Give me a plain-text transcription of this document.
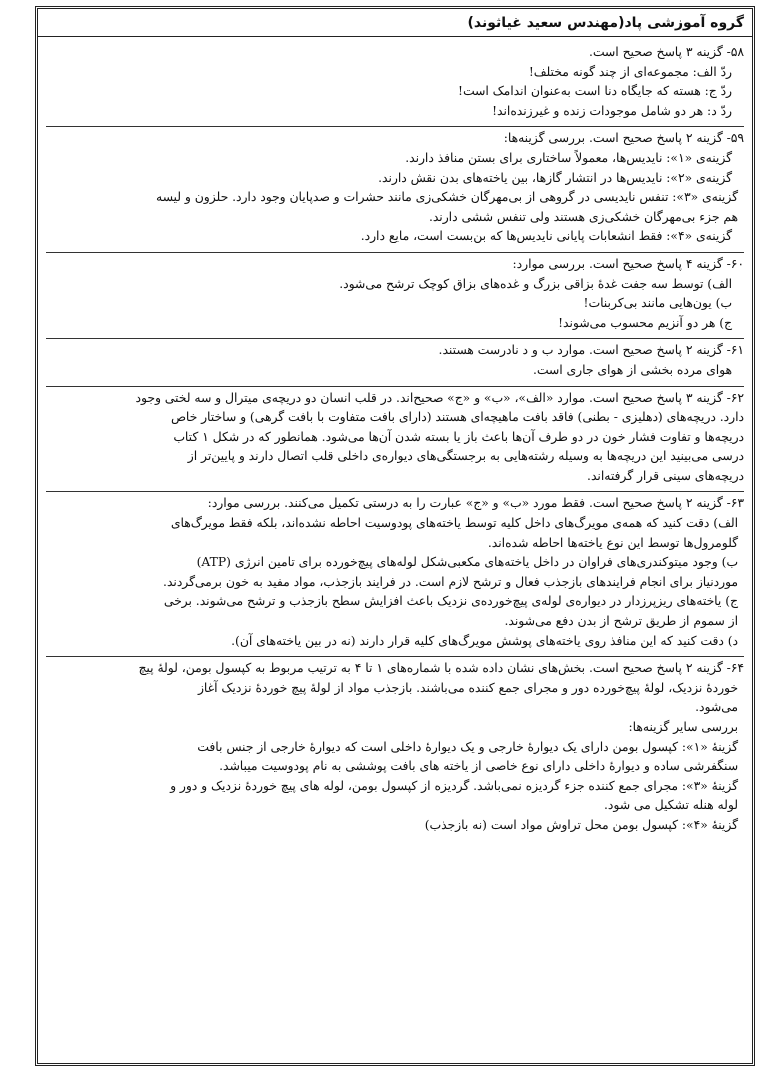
گروه آموزشی پاد(مهندس سعید غیاثوند)
۵۸- گزینه ۳ پاسخ صحیح است.
ردّ الف: مجموعه‌ای از چند گونه مختلف!
ردّ ج: هسته که جایگاه دنا است به‌عنوان اندامک است!
ردّ د: هر دو شامل موجودات زنده و غیرزنده‌اند!
۵۹- گزینه ۲ پاسخ صحیح است. بررسی گزینه‌ها:
گزینه‌ی «۱»: نایدیس‌ها، معمولاً ساختاری برای بستن منافذ دارند.
گزینه‌ی «۲»: نایدیس‌ها در انتشار گازها، بین یاخته‌های بدن نقش دارند.
گزینه‌ی «۳»: تنفس نایدیسی در گروهی از بی‌مهرگان خشکی‌زی مانند حشرات و صدپایان وجود دارد. حلزون و لیسه
هم جزء بی‌مهرگان خشکی‌زی هستند ولی تنفس ششی دارند.
گزینه‌ی «۴»: فقط انشعابات پایانی نایدیس‌ها که بن‌بست است، مایع دارد.
۶۰- گزینه ۴ پاسخ صحیح است. بررسی موارد:
الف) توسط سه جفت غدهٔ بزاقی بزرگ و غده‌های بزاق کوچک ترشح می‌شود.
ب) یون‌هایی مانند بی‌کربنات!
ج) هر دو آنزیم محسوب می‌شوند!
۶۱- گزینه ۲ پاسخ صحیح است. موارد ب و د نادرست هستند.
هوای مرده بخشی از هوای جاری است.
۶۲- گزینه ۳ پاسخ صحیح است. موارد «الف»، «ب» و «ج» صحیح‌اند. در قلب انسان دو دریچه‌ی میترال و سه لختی وجود
دارد. دریچه‌های (دهلیزی - بطنی) فاقد بافت ماهیچه‌ای هستند (دارای بافت متفاوت با بافت گرهی) و ساختار خاص
دریچه‌ها و تفاوت فشار خون در دو طرف آن‌ها باعث باز یا بسته شدن آن‌ها می‌شود. همانطور که در شکل ۱ کتاب
درسی می‌بینید این دریچه‌ها به وسیله رشته‌هایی به برجستگی‌های دیواره‌ی داخلی قلب اتصال دارند و پایین‌تر از
دریچه‌های سینی قرار گرفته‌اند.
۶۳- گزینه ۲ پاسخ صحیح است. فقط مورد «ب» و «ج» عبارت را به درستی تکمیل می‌کنند. بررسی موارد:
الف) دقت کنید که همه‌ی مویرگ‌های داخل کلیه توسط یاخته‌های پودوسیت احاطه نشده‌اند، بلکه فقط مویرگ‌های
گلومرول‌ها توسط این نوع یاخته‌ها احاطه شده‌اند.
ب) وجود میتوکندری‌های فراوان در داخل یاخته‌های مکعبی‌شکل لوله‌های پیچ‌خورده برای تامین انرژی (ATP)
موردنیاز برای انجام فرایندهای بازجذب فعال و ترشح لازم است. در فرایند بازجذب، مواد مفید به خون برمی‌گردند.
ج) یاخته‌های ریزپرزدار در دیواره‌ی لوله‌ی پیچ‌خورده‌ی نزدیک باعث افزایش سطح بازجذب و ترشح می‌شوند. برخی
از سموم از طریق ترشح از بدن دفع می‌شوند.
د) دقت کنید که این منافذ روی یاخته‌های پوشش مویرگ‌های کلیه قرار دارند (نه در بین یاخته‌های آن).
۶۴- گزینه ۲ پاسخ صحیح است. بخش‌های نشان داده شده با شماره‌های ۱ تا ۴ به ترتیب مربوط به کپسول بومن، لولهٔ پیچ
خوردهٔ نزدیک، لولهٔ پیچ‌خورده دور و مجرای جمع کننده می‌باشند. بازجذب مواد از لولهٔ پیچ خوردهٔ نزدیک آغاز
می‌شود.
بررسی سایر گزینه‌ها:
گزینهٔ «۱»: کپسول بومن دارای یک دیوارهٔ خارجی و یک دیوارهٔ داخلی است که دیوارهٔ خارجی از جنس بافت
سنگفرشی ساده و دیوارهٔ داخلی دارای نوع خاصی از یاخته های بافت پوششی به نام پودوسیت میباشد.
گزینهٔ «۳»: مجرای جمع کننده جزء گردیزه نمی‌باشد. گردیزه از کپسول بومن، لوله های پیچ خوردهٔ نزدیک و دور و
لوله هنله تشکیل می شود.
گزینهٔ «۴»: کپسول بومن محل تراوش مواد است (نه بازجذب)
